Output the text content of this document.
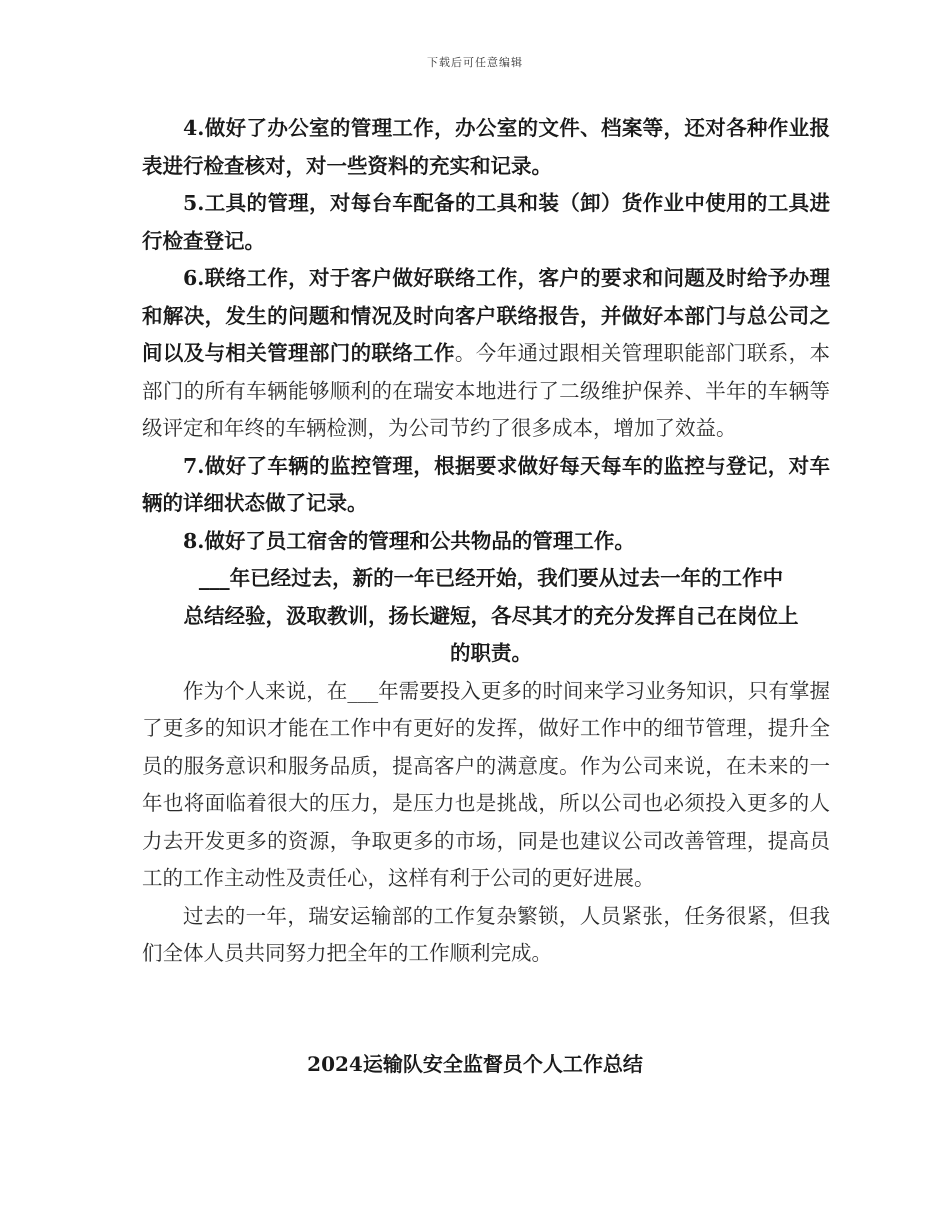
下载后可任意编辑

4.做好了办公室的管理工作，办公室的文件、档案等，还对各种作业报表进行检查核对，对一些资料的充实和记录。

5.工具的管理，对每台车配备的工具和装（卸）货作业中使用的工具进行检查登记。

6.联络工作，对于客户做好联络工作，客户的要求和问题及时给予办理和解决，发生的问题和情况及时向客户联络报告，并做好本部门与总公司之间以及与相关管理部门的联络工作。今年通过跟相关管理职能部门联系，本部门的所有车辆能够顺利的在瑞安本地进行了二级维护保养、半年的车辆等级评定和年终的车辆检测，为公司节约了很多成本，增加了效益。

7.做好了车辆的监控管理，根据要求做好每天每车的监控与登记，对车辆的详细状态做了记录。

8.做好了员工宿舍的管理和公共物品的管理工作。

___年已经过去，新的一年已经开始，我们要从过去一年的工作中

总结经验，汲取教训，扬长避短，各尽其才的充分发挥自己在岗位上

的职责。

作为个人来说，在___年需要投入更多的时间来学习业务知识，只有掌握了更多的知识才能在工作中有更好的发挥，做好工作中的细节管理，提升全员的服务意识和服务品质，提高客户的满意度。作为公司来说，在未来的一年也将面临着很大的压力，是压力也是挑战，所以公司也必须投入更多的人力去开发更多的资源，争取更多的市场，同是也建议公司改善管理，提高员工的工作主动性及责任心，这样有利于公司的更好进展。

过去的一年，瑞安运输部的工作复杂繁锁，人员紧张，任务很紧，但我们全体人员共同努力把全年的工作顺利完成。

2024运输队安全监督员个人工作总结
